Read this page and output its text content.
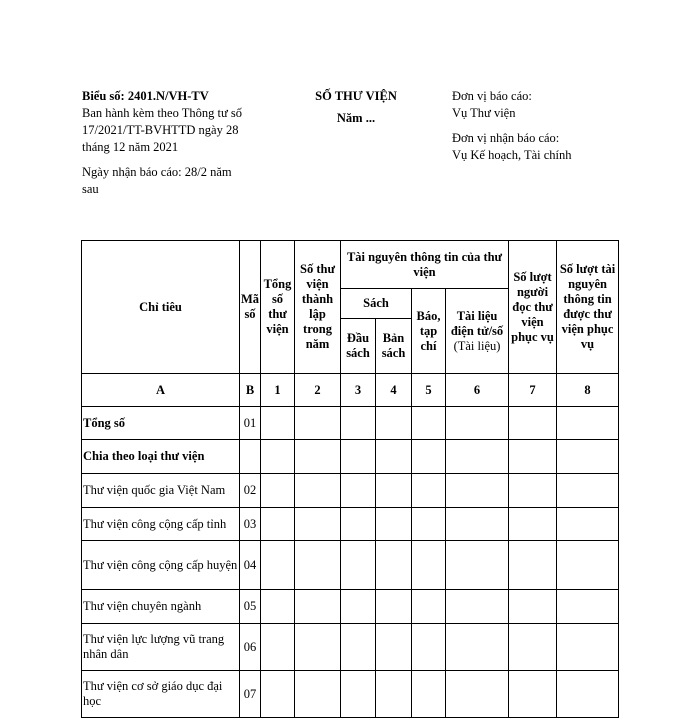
Biểu số: 2401.N/VH-TV
Ban hành kèm theo Thông tư số
17/2021/TT-BVHTTD ngày 28
tháng 12 năm 2021
Ngày nhận báo cáo: 28/2 năm
sau
SỐ THƯ VIỆN
Năm ...
Đơn vị báo cáo:
Vụ Thư viện
Đơn vị nhận báo cáo:
Vụ Kế hoạch, Tài chính
Chỉ tiêu	Mã số	Tổng số thư viện	Số thư viện thành lập trong năm	Tài nguyên thông tin của thư viện				Số lượt người đọc thư viện phục vụ	Số lượt tài nguyên thông tin được thư viện phục vụ
				Sách		Báo, tạp chí	Tài liệu điện tử/số
(Tài liệu)		
				Đầu sách	Bản sách				
A	B	1	2	3	4	5	6	7	8
Tổng số	01								
Chia theo loại thư viện									
Thư viện quốc gia Việt Nam	02								
Thư viện công cộng cấp tỉnh	03								
Thư viện công cộng cấp huyện	04								
Thư viện chuyên ngành	05								
Thư viện lực lượng vũ trang nhân dân	06								
Thư viện cơ sở giáo dục đại học	07								
